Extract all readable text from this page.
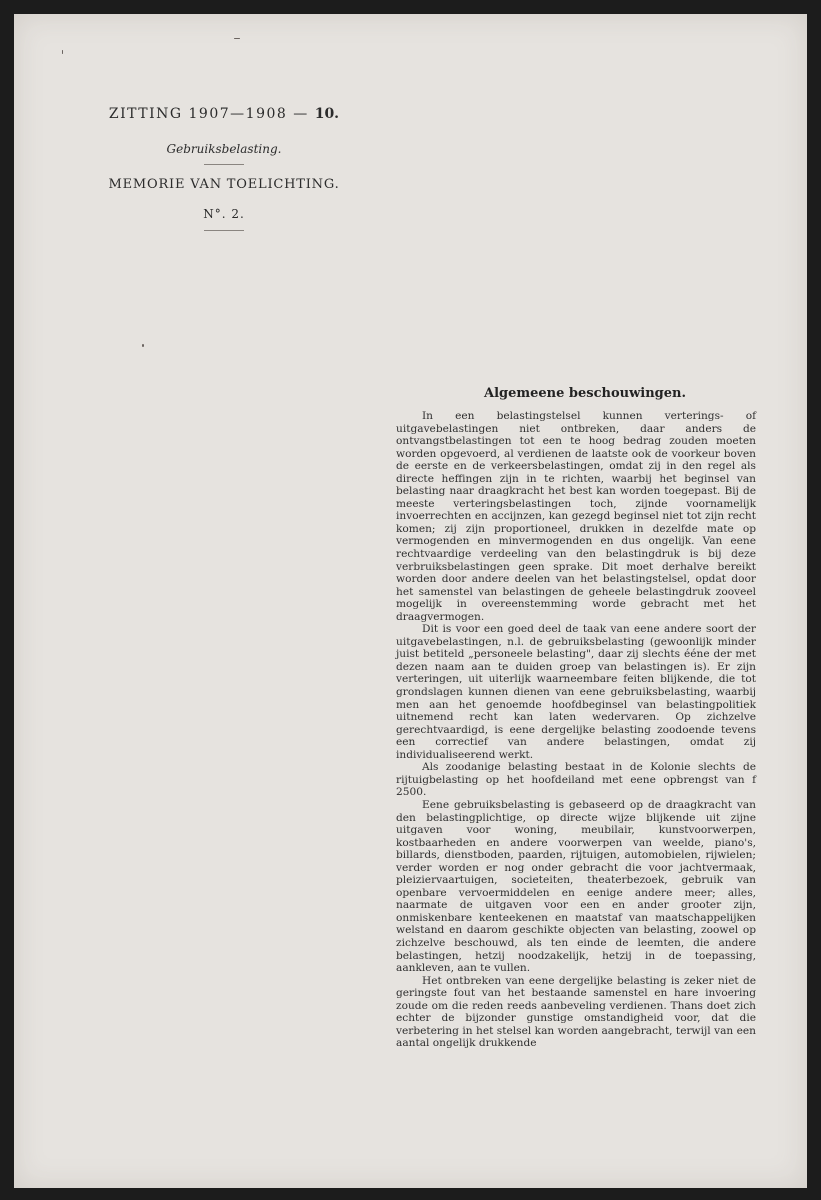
ZITTING 1907—1908 — 10.
Gebruiksbelasting.
MEMORIE VAN TOELICHTING.
N°. 2.
Algemeene beschouwingen.

In een belastingstelsel kunnen verterings- of uitgavebelastingen niet ontbreken, daar anders de ontvangstbelastingen tot een te hoog bedrag zouden moeten worden opgevoerd, al verdienen de laatste ook de voorkeur boven de eerste en de verkeersbelastingen, omdat zij in den regel als directe heffingen zijn in te richten, waarbij het beginsel van belasting naar draagkracht het best kan worden toegepast. Bij de meeste verteringsbelastingen toch, zijnde voornamelijk invoerrechten en accijnzen, kan gezegd beginsel niet tot zijn recht komen; zij zijn proportioneel, drukken in dezelfde mate op vermogenden en minvermogenden en dus ongelijk. Van eene rechtvaardige verdeeling van den belastingdruk is bij deze verbruiksbelastingen geen sprake. Dit moet derhalve bereikt worden door andere deelen van het belastingstelsel, opdat door het samenstel van belastingen de geheele belastingdruk zooveel mogelijk in overeenstemming worde gebracht met het draagvermogen.

Dit is voor een goed deel de taak van eene andere soort der uitgavebelastingen, n.l. de gebruiksbelasting (gewoonlijk minder juist betiteld „personeele belasting", daar zij slechts ééne der met dezen naam aan te duiden groep van belastingen is). Er zijn verteringen, uit uiterlijk waarneembare feiten blijkende, die tot grondslagen kunnen dienen van eene gebruiksbelasting, waarbij men aan het genoemde hoofdbeginsel van belastingpolitiek uitnemend recht kan laten wedervaren. Op zichzelve gerechtvaardigd, is eene dergelijke belasting zoodoende tevens een correctief van andere belastingen, omdat zij individualiseerend werkt.

Als zoodanige belasting bestaat in de Kolonie slechts de rijtuigbelasting op het hoofdeiland met eene opbrengst van f 2500.

Eene gebruiksbelasting is gebaseerd op de draagkracht van den belastingplichtige, op directe wijze blijkende uit zijne uitgaven voor woning, meubilair, kunstvoorwerpen, kostbaarheden en andere voorwerpen van weelde, piano's, billards, dienstboden, paarden, rijtuigen, automobielen, rijwielen; verder worden er nog onder gebracht die voor jachtvermaak, pleiziervaartuigen, societeiten, theaterbezoek, gebruik van openbare vervoermiddelen en eenige andere meer; alles, naarmate de uitgaven voor een en ander grooter zijn, onmiskenbare kenteekenen en maatstaf van maatschappelijken welstand en daarom geschikte objecten van belasting, zoowel op zichzelve beschouwd, als ten einde de leemten, die andere belastingen, hetzij noodzakelijk, hetzij in de toepassing, aankleven, aan te vullen.

Het ontbreken van eene dergelijke belasting is zeker niet de geringste fout van het bestaande samenstel en hare invoering zoude om die reden reeds aanbeveling verdienen. Thans doet zich echter de bijzonder gunstige omstandigheid voor, dat die verbetering in het stelsel kan worden aangebracht, terwijl van een aantal ongelijk drukkende
